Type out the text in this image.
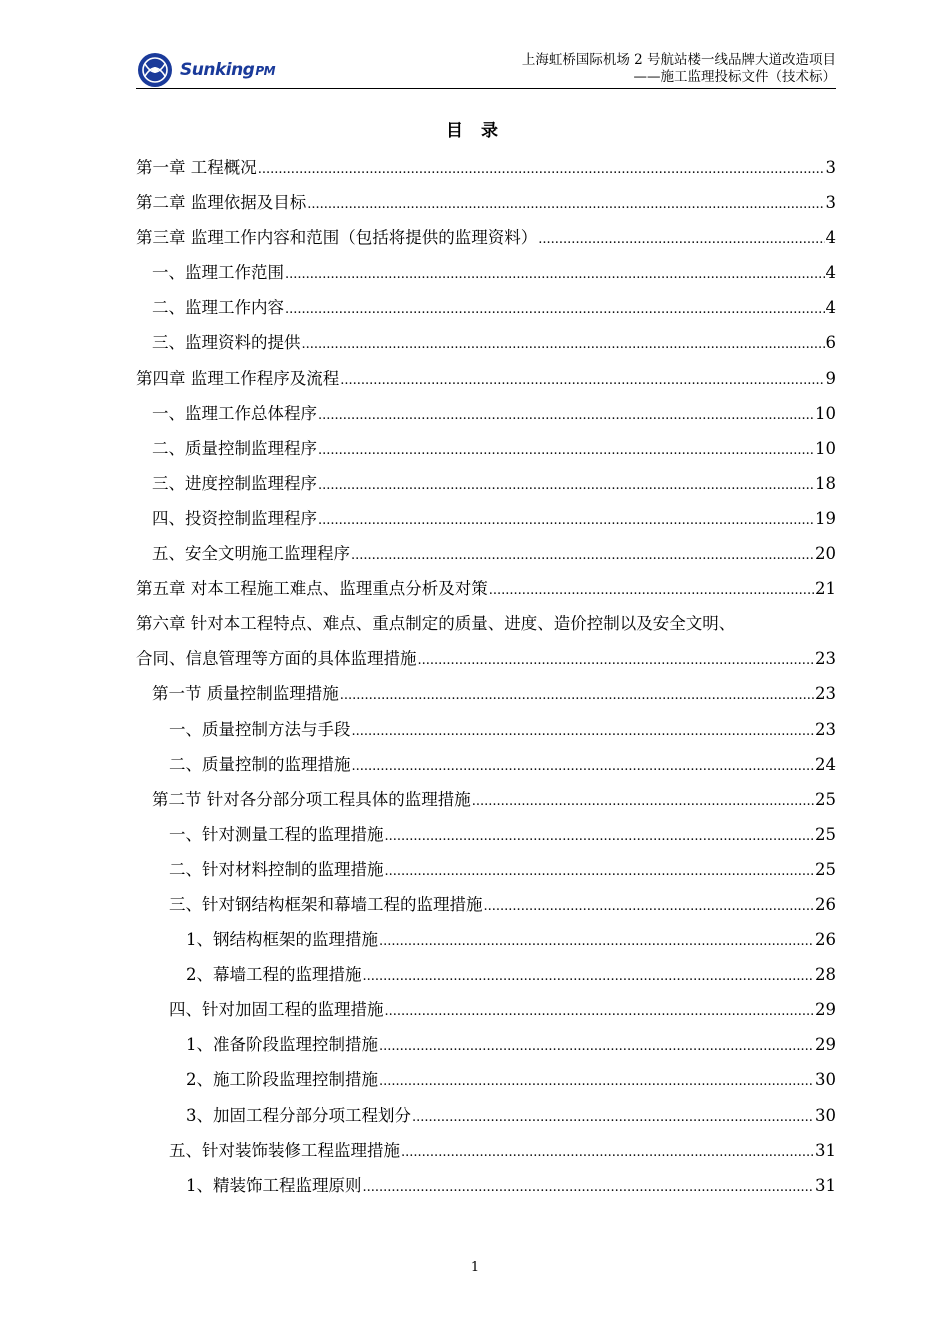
SunkingPM
上海虹桥国际机场 2 号航站楼一线品牌大道改造项目
——施工监理投标文件（技术标）
目 录
第一章 工程概况 .....	3
第二章 监理依据及目标 .....	3
第三章 监理工作内容和范围（包括将提供的监理资料） .....	4
一、监理工作范围 .....	4
二、监理工作内容 .....	4
三、监理资料的提供 .....	6
第四章 监理工作程序及流程 .....	9
一、监理工作总体程序 .....	10
二、质量控制监理程序 .....	10
三、进度控制监理程序 .....	18
四、投资控制监理程序 .....	19
五、安全文明施工监理程序 .....	20
第五章 对本工程施工难点、监理重点分析及对策 .....	21
第六章 针对本工程特点、难点、重点制定的质量、进度、造价控制以及安全文明、
合同、信息管理等方面的具体监理措施 .....	23
第一节 质量控制监理措施 .....	23
一、质量控制方法与手段 .....	23
二、质量控制的监理措施 .....	24
第二节 针对各分部分项工程具体的监理措施 .....	25
一、针对测量工程的监理措施 .....	25
二、针对材料控制的监理措施 .....	25
三、针对钢结构框架和幕墙工程的监理措施 .....	26
1、钢结构框架的监理措施 .....	26
2、幕墙工程的监理措施 .....	28
四、针对加固工程的监理措施 .....	29
1、准备阶段监理控制措施 .....	29
2、施工阶段监理控制措施 .....	30
3、加固工程分部分项工程划分 .....	30
五、针对装饰装修工程监理措施 .....	31
1、精装饰工程监理原则 .....	31
1
